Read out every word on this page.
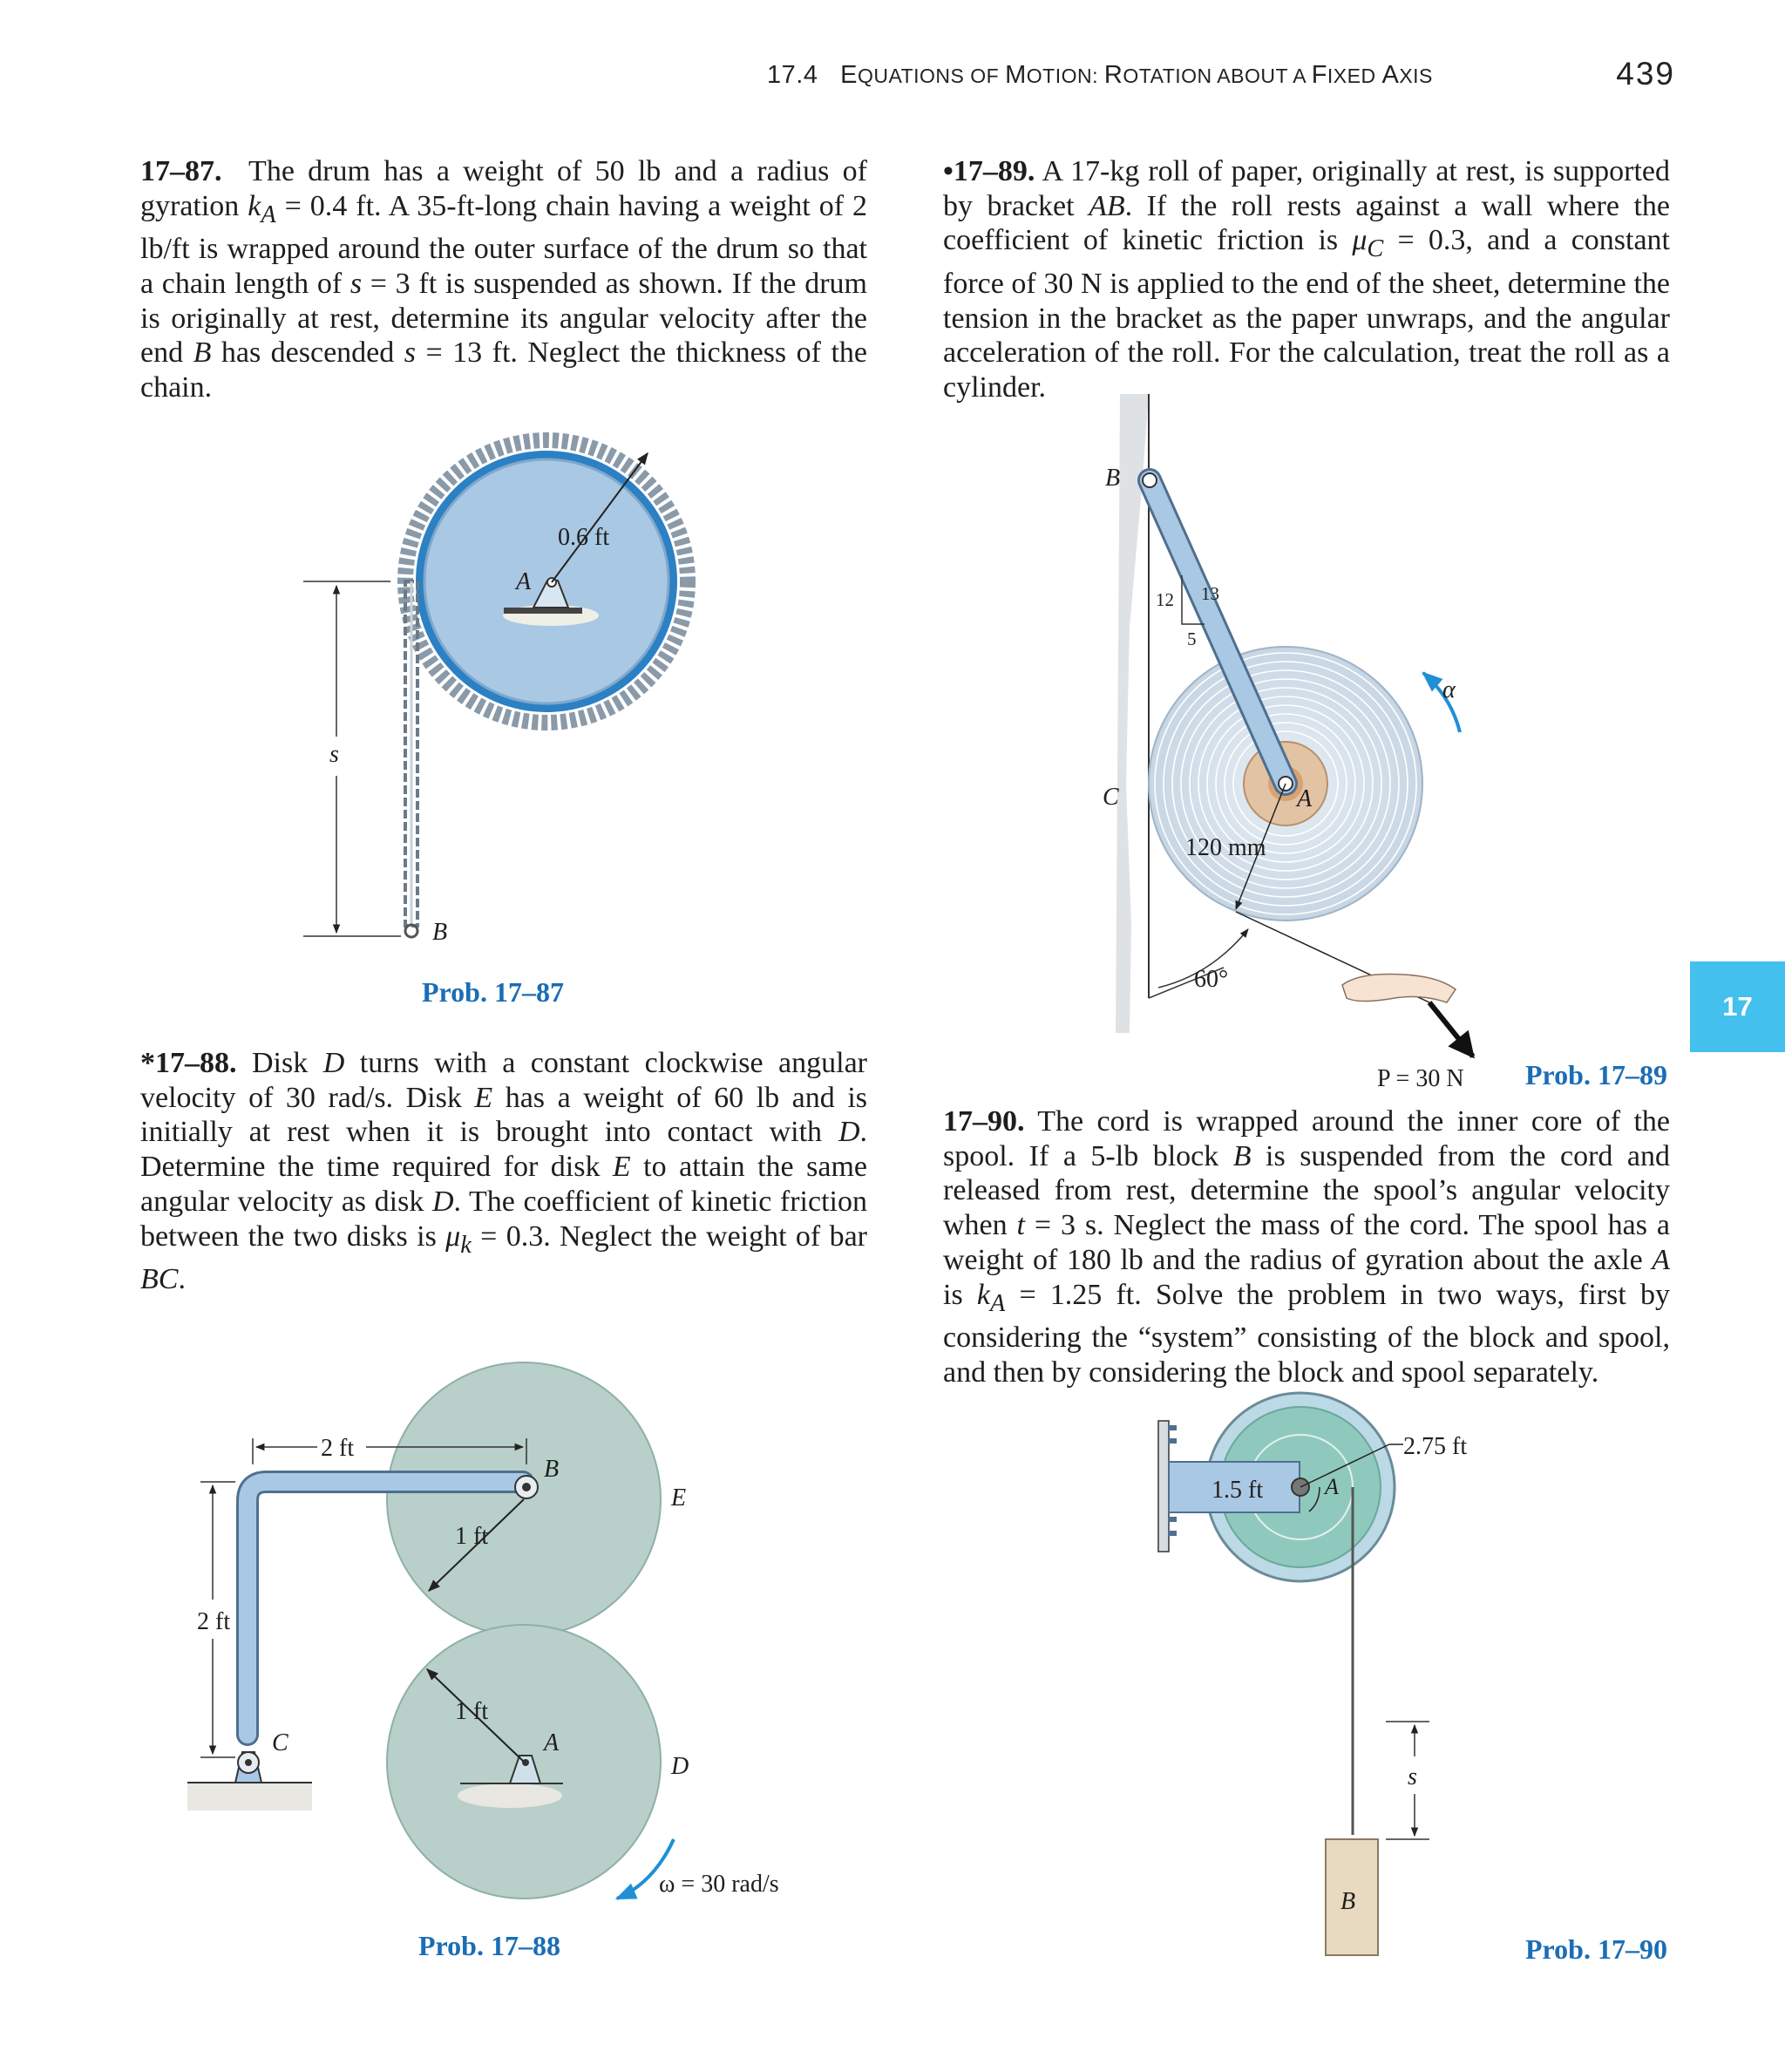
17.4 EQUATIONS OF MOTION: ROTATION ABOUT A FIXED AXIS	439
17
17–87. The drum has a weight of 50 lb and a radius of gyration $k_A = 0.4$ ft. A 35-ft-long chain having a weight of 2 lb/ft is wrapped around the outer surface of the drum so that a chain length of s = 3 ft is suspended as shown. If the drum is originally at rest, determine its angular velocity after the end B has descended s = 13 ft. Neglect the thickness of the chain.
*17–88. Disk D turns with a constant clockwise angular velocity of 30 rad/s. Disk E has a weight of 60 lb and is initially at rest when it is brought into contact with D. Determine the time required for disk E to attain the same angular velocity as disk D. The coefficient of kinetic friction between the two disks is $\mu_k = 0.3$. Neglect the weight of bar BC.
•17–89. A 17-kg roll of paper, originally at rest, is supported by bracket AB. If the roll rests against a wall where the coefficient of kinetic friction is $\mu_C = 0.3$, and a constant force of 30 N is applied to the end of the sheet, determine the tension in the bracket as the paper unwraps, and the angular acceleration of the roll. For the calculation, treat the roll as a cylinder.
17–90. The cord is wrapped around the inner core of the spool. If a 5-lb block B is suspended from the cord and released from rest, determine the spool’s angular velocity when t = 3 s. Neglect the mass of the cord. The spool has a weight of 180 lb and the radius of gyration about the axle A is $k_A = 1.25$ ft. Solve the problem in two ways, first by considering the “system” consisting of the block and spool, and then by considering the block and spool separately.
Prob. 17–87
Prob. 17–88
Prob. 17–89
Prob. 17–90
0.6 ft
A
s
B
1 ft
1 ft
2 ft
2 ft
B
C	A
E
D
ω = 30 rad/s
12 13
5
120 mm
60°
α
B
C	A
P = 30 N
2.75 ft
A
1.5 ft
B
s
